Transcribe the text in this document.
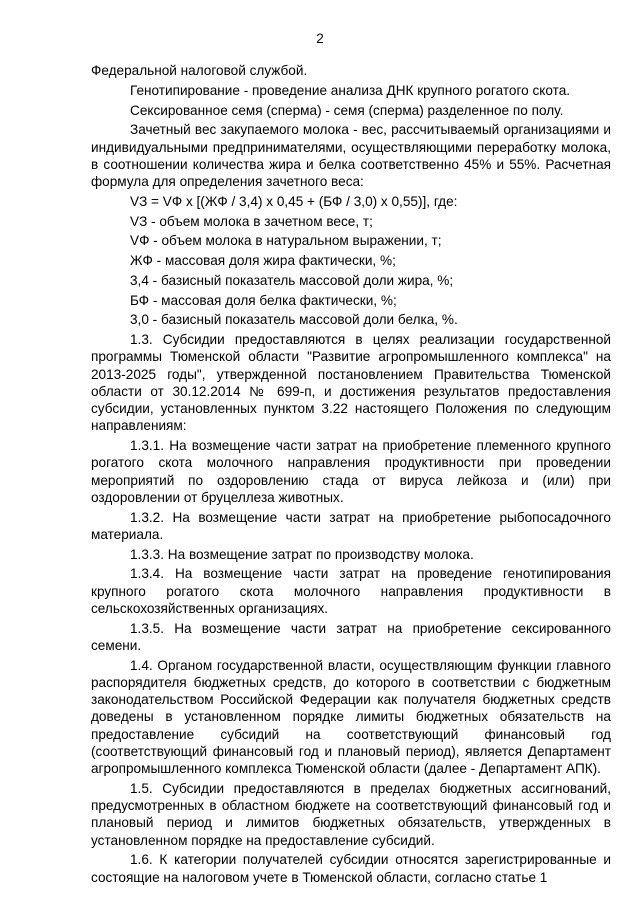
2

Федеральной налоговой службой.

Генотипирование - проведение анализа ДНК крупного рогатого скота.

Сексированное семя (сперма) - семя (сперма) разделенное по полу.

Зачетный вес закупаемого молока - вес, рассчитываемый организациями и индивидуальными предпринимателями, осуществляющими переработку молока, в соотношении количества жира и белка соответственно 45% и 55%. Расчетная формула для определения зачетного веса:

VЗ = VФ х [(ЖФ / 3,4) х 0,45 + (БФ / 3,0) х 0,55)], где:

VЗ - объем молока в зачетном весе, т;

VФ - объем молока в натуральном выражении, т;

ЖФ - массовая доля жира фактически, %;

3,4 - базисный показатель массовой доли жира, %;

БФ - массовая доля белка фактически, %;

3,0 - базисный показатель массовой доли белка, %.

1.3. Субсидии предоставляются в целях реализации государственной программы Тюменской области "Развитие агропромышленного комплекса" на 2013-2025 годы", утвержденной постановлением Правительства Тюменской области от 30.12.2014 № 699-п, и достижения результатов предоставления субсидии, установленных пунктом 3.22 настоящего Положения по следующим направлениям:

1.3.1. На возмещение части затрат на приобретение племенного крупного рогатого скота молочного направления продуктивности при проведении мероприятий по оздоровлению стада от вируса лейкоза и (или) при оздоровлении от бруцеллеза животных.

1.3.2. На возмещение части затрат на приобретение рыбопосадочного материала.

1.3.3. На возмещение затрат по производству молока.

1.3.4. На возмещение части затрат на проведение генотипирования крупного рогатого скота молочного направления продуктивности в сельскохозяйственных организациях.

1.3.5. На возмещение части затрат на приобретение сексированного семени.

1.4. Органом государственной власти, осуществляющим функции главного распорядителя бюджетных средств, до которого в соответствии с бюджетным законодательством Российской Федерации как получателя бюджетных средств доведены в установленном порядке лимиты бюджетных обязательств на предоставление субсидий на соответствующий финансовый год (соответствующий финансовый год и плановый период), является Департамент агропромышленного комплекса Тюменской области (далее - Департамент АПК).

1.5. Субсидии предоставляются в пределах бюджетных ассигнований, предусмотренных в областном бюджете на соответствующий финансовый год и плановый период и лимитов бюджетных обязательств, утвержденных в установленном порядке на предоставление субсидий.

1.6. К категории получателей субсидии относятся зарегистрированные и состоящие на налоговом учете в Тюменской области, согласно статье 1
